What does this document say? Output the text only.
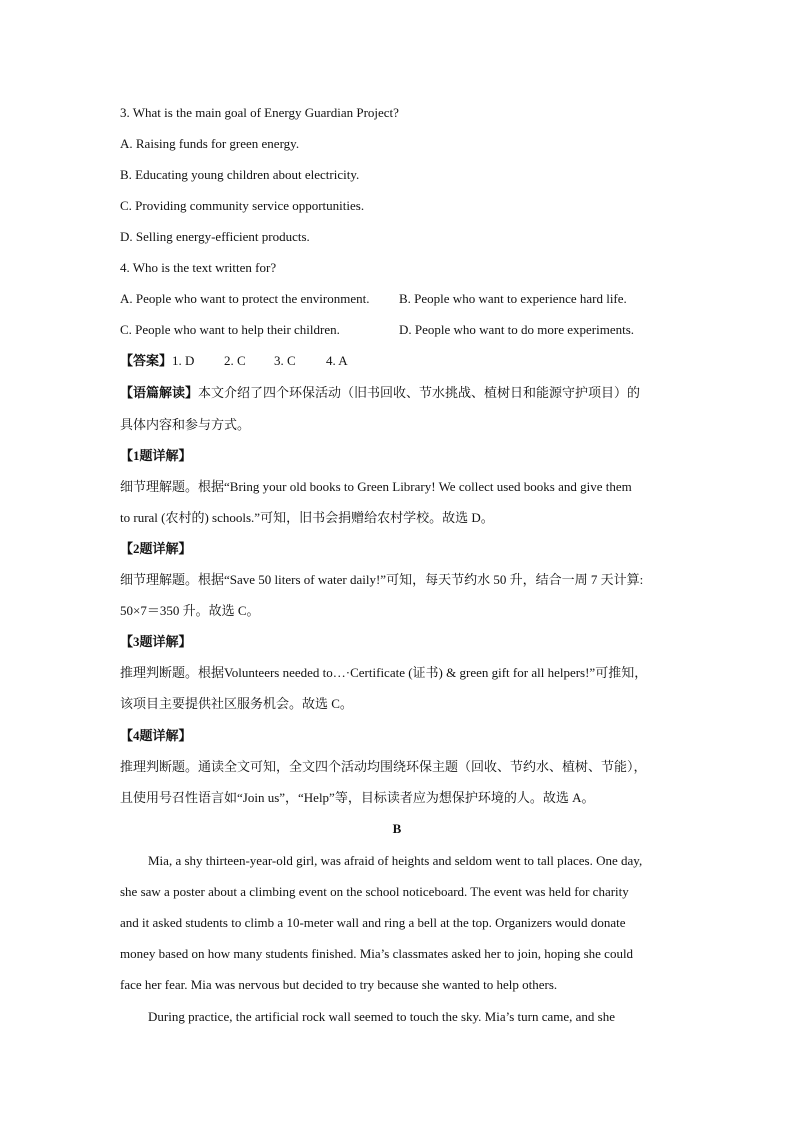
3. What is the main goal of Energy Guardian Project?
A. Raising funds for green energy.
B. Educating young children about electricity.
C. Providing community service opportunities.
D. Selling energy-efficient products.
4. Who is the text written for?
A. People who want to protect the environment. B. People who want to experience hard life.
C. People who want to help their children.	D. People who want to do more experiments.
【答案】1. D 2. C 3. C 4. A
【语篇解读】本文介绍了四个环保活动（旧书回收、节水挑战、植树日和能源守护项目）的
具体内容和参与方式。
【1题详解】
细节理解题。根据“Bring your old books to Green Library! We collect used books and give them
to rural (农村的) schools.”可知，旧书会捐赠给农村学校。故选 D。
【2题详解】
细节理解题。根据“Save 50 liters of water daily!”可知，每天节约水 50 升，结合一周 7 天计算:
50×7＝350 升。故选 C。
【3题详解】
推理判断题。根据Volunteers needed to…·Certificate (证书) & green gift for all helpers!”可推知，
该项目主要提供社区服务机会。故选 C。
【4题详解】
推理判断题。通读全文可知，全文四个活动均围绕环保主题（回收、节约水、植树、节能），
且使用号召性语言如“Join us”，“Help”等，目标读者应为想保护环境的人。故选 A。
B
Mia, a shy thirteen-year-old girl, was afraid of heights and seldom went to tall places. One day,
she saw a poster about a climbing event on the school noticeboard. The event was held for charity
and it asked students to climb a 10-meter wall and ring a bell at the top. Organizers would donate
money based on how many students finished. Mia’s classmates asked her to join, hoping she could
face her fear. Mia was nervous but decided to try because she wanted to help others.
During practice, the artificial rock wall seemed to touch the sky. Mia’s turn came, and she
